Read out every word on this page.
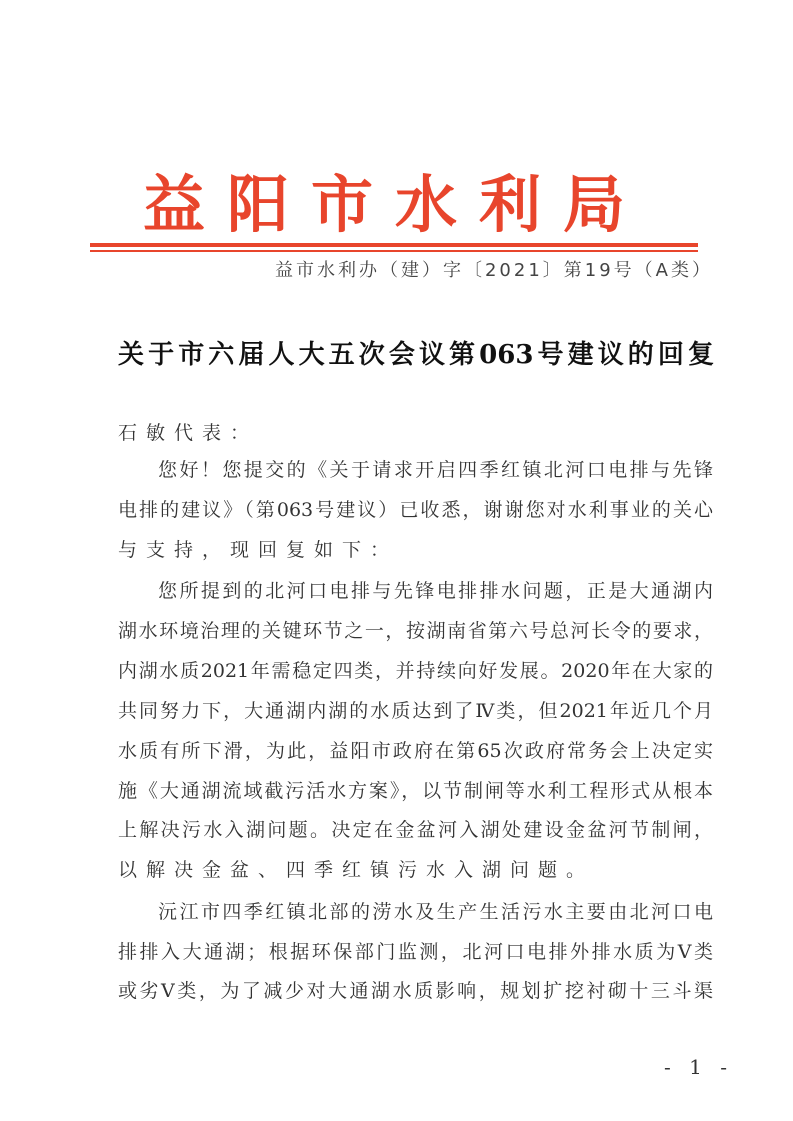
益阳市水利局
益市水利办（建）字〔2021〕第19号（A类）
关于市六届人大五次会议第063号建议的回复
石敏代表：
您好！您提交的《关于请求开启四季红镇北河口电排与先锋
电排的建议》（第063号建议）已收悉，谢谢您对水利事业的关心
与支持，现回复如下：
您所提到的北河口电排与先锋电排排水问题，正是大通湖内
湖水环境治理的关键环节之一，按湖南省第六号总河长令的要求，
内湖水质2021年需稳定四类，并持续向好发展。2020年在大家的
共同努力下，大通湖内湖的水质达到了Ⅳ类，但2021年近几个月
水质有所下滑，为此，益阳市政府在第65次政府常务会上决定实
施《大通湖流域截污活水方案》，以节制闸等水利工程形式从根本
上解决污水入湖问题。决定在金盆河入湖处建设金盆河节制闸，
以解决金盆、四季红镇污水入湖问题。
沅江市四季红镇北部的涝水及生产生活污水主要由北河口电
排排入大通湖；根据环保部门监测，北河口电排外排水质为Ⅴ类
或劣Ⅴ类，为了减少对大通湖水质影响，规划扩挖衬砌十三斗渠
- 1 -
